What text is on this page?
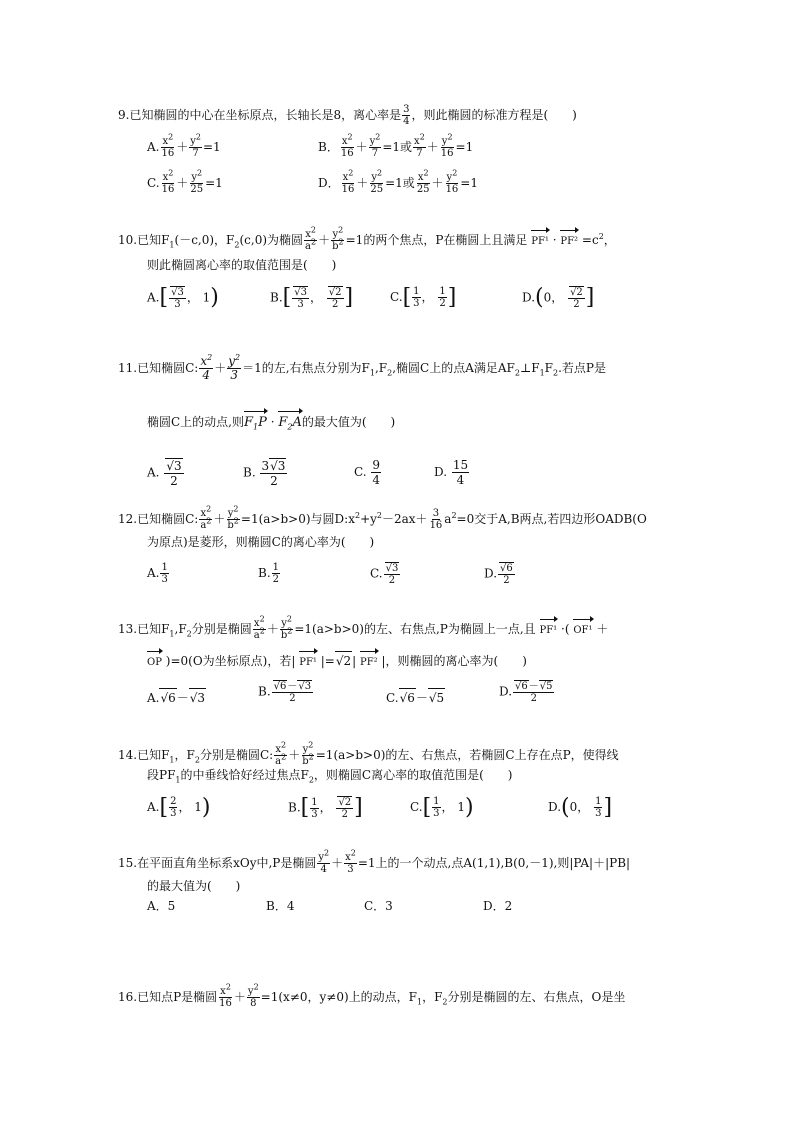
9.已知椭圆的中心在坐标原点，长轴长是8，离心率是 $\frac{3}{4}$ ，则此椭圆的标准方程是(　　)
A. $\frac{x^2}{16} + \frac{y^2}{7} =1$	B． $\frac{x^2}{16} + \frac{y^2}{7} =1$或 $\frac{x^2}{7} + \frac{y^2}{16} =1$
C. $\frac{x^2}{16} + \frac{y^2}{25} =1$	D． $\frac{x^2}{16} + \frac{y^2}{25} =1$或 $\frac{x^2}{25} + \frac{y^2}{16} =1$
10.已知$F_1(-c,0)$，$F_2(c,0)$为椭圆 $\frac{x^2}{a^2} + \frac{y^2}{b^2} =1$的两个焦点，P在椭圆上且满足 $PF^1 \cdot PF^2 =c^2$，
则此椭圆离心率的取值范围是(　　)
$A.[ \frac{√3}{3}$ ， 1)	$B.[ \frac{√3}{3}$ ， $\frac{√2}{2}$ ]	$C.[ \frac{1}{3}$ ， $\frac{1}{2}$ ]	D.(0， $\frac{√2}{2}$ ]
11.已知椭圆C: $\frac{x^2}{4} + \frac{y^2}{3} =1$的左,右焦点分别为$F_1,F_2$,椭圆C上的点A满足$AF_2\perp F_1F_2$.若点P是
椭圆C上的动点,则$F_1P \cdot F_2A$的最大值为(　　)
A. $\frac{√3}{2}$	B. $\frac{3√3}{2}$	C. $\frac{9}{4}$	D. $\frac{15}{4}$
12.已知椭圆C: $\frac{x^2}{a^2} + \frac{y^2}{b^2} =1(a>b>0)$与圆$D:x^2+y^2-2ax+ \frac{3}{16} a^2=0$交于A,B两点,若四边形OADB(O
为原点)是菱形，则椭圆C的离心率为(　　)
A. $\frac{1}{3}$	B. $\frac{1}{2}$	C. $\frac{√3}{2}$	D. $\frac{√6}{2}$
13.已知$F_1,F_2$分别是椭圆 $\frac{x^2}{a^2} + \frac{y^2}{b^2} =1(a>b>0)$的左、右焦点,P为椭圆上一点,且 PF¹ ·( OF¹ ＋
OP )=0(O为坐标原点)，若| PF¹ |=√2| PF² |，则椭圆的离心率为(　　)
A.√6－√3	B. $\frac{√6-√3}{2}$	C.√6－√5	D. $\frac{√6-√5}{2}$
14.已知$F_1$，$F_2$分别是椭圆C: $\frac{x^2}{a^2} + \frac{y^2}{b^2} =1(a>b>0)$的左、右焦点，若椭圆C上存在点P，使得线
段$PF_1$的中垂线恰好经过焦点$F_2$，则椭圆C离心率的取值范围是(　　)
$A.[ \frac{2}{3}$ ， 1)	$B.[ \frac{1}{3}$ ， $\frac{√2}{2}$ ]	$C.[ \frac{1}{3}$ ， 1)	D.(0， $\frac{1}{3}$ ]
15.在平面直角坐标系xOy中,P是椭圆 $\frac{y^2}{4} + \frac{x^2}{3} =1$上的一个动点,点A(1,1),B(0,－1),则|PA|＋|PB|
的最大值为(　　)
A．5	B．4	C．3	D．2
16.已知点P是椭圆 $\frac{x^2}{16} + \frac{y^2}{8} =1(x\ne 0$，y≠0)上的动点，$F_1$，$F_2$分别是椭圆的左、右焦点，O是坐
